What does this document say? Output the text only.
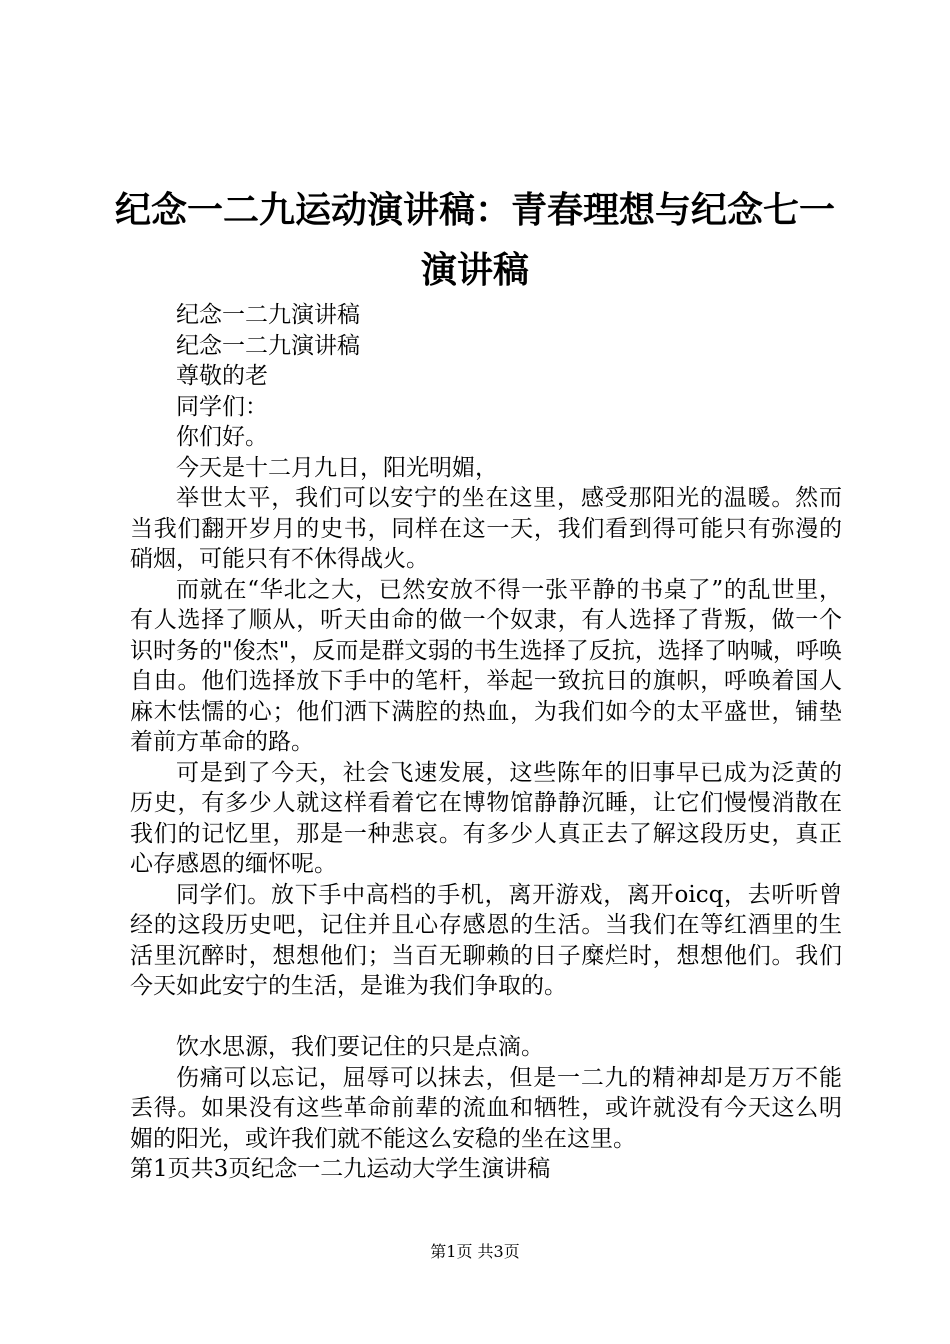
纪念一二九运动演讲稿：青春理想与纪念七一
演讲稿

纪念一二九演讲稿

纪念一二九演讲稿

尊敬的老

同学们：

你们好。

今天是十二月九日，阳光明媚，

举世太平，我们可以安宁的坐在这里，感受那阳光的温暖。然而当我们翻开岁月的史书，同样在这一天，我们看到得可能只有弥漫的硝烟，可能只有不休得战火。

而就在“华北之大，已然安放不得一张平静的书桌了”的乱世里，有人选择了顺从，听天由命的做一个奴隶，有人选择了背叛，做一个识时务的"俊杰"，反而是群文弱的书生选择了反抗，选择了呐喊，呼唤自由。他们选择放下手中的笔杆，举起一致抗日的旗帜，呼唤着国人麻木怯懦的心；他们洒下满腔的热血，为我们如今的太平盛世，铺垫着前方革命的路。

可是到了今天，社会飞速发展，这些陈年的旧事早已成为泛黄的历史，有多少人就这样看着它在博物馆静静沉睡，让它们慢慢消散在我们的记忆里，那是一种悲哀。有多少人真正去了解这段历史，真正心存感恩的缅怀呢。

同学们。放下手中高档的手机，离开游戏，离开oicq，去听听曾经的这段历史吧，记住并且心存感恩的生活。当我们在等红酒里的生活里沉醉时，想想他们；当百无聊赖的日子糜烂时，想想他们。我们今天如此安宁的生活，是谁为我们争取的。

饮水思源，我们要记住的只是点滴。

伤痛可以忘记，屈辱可以抹去，但是一二九的精神却是万万不能丢得。如果没有这些革命前辈的流血和牺牲，或许就没有今天这么明媚的阳光，或许我们就不能这么安稳的坐在这里。

第1页共3页纪念一二九运动大学生演讲稿

第1页 共3页
